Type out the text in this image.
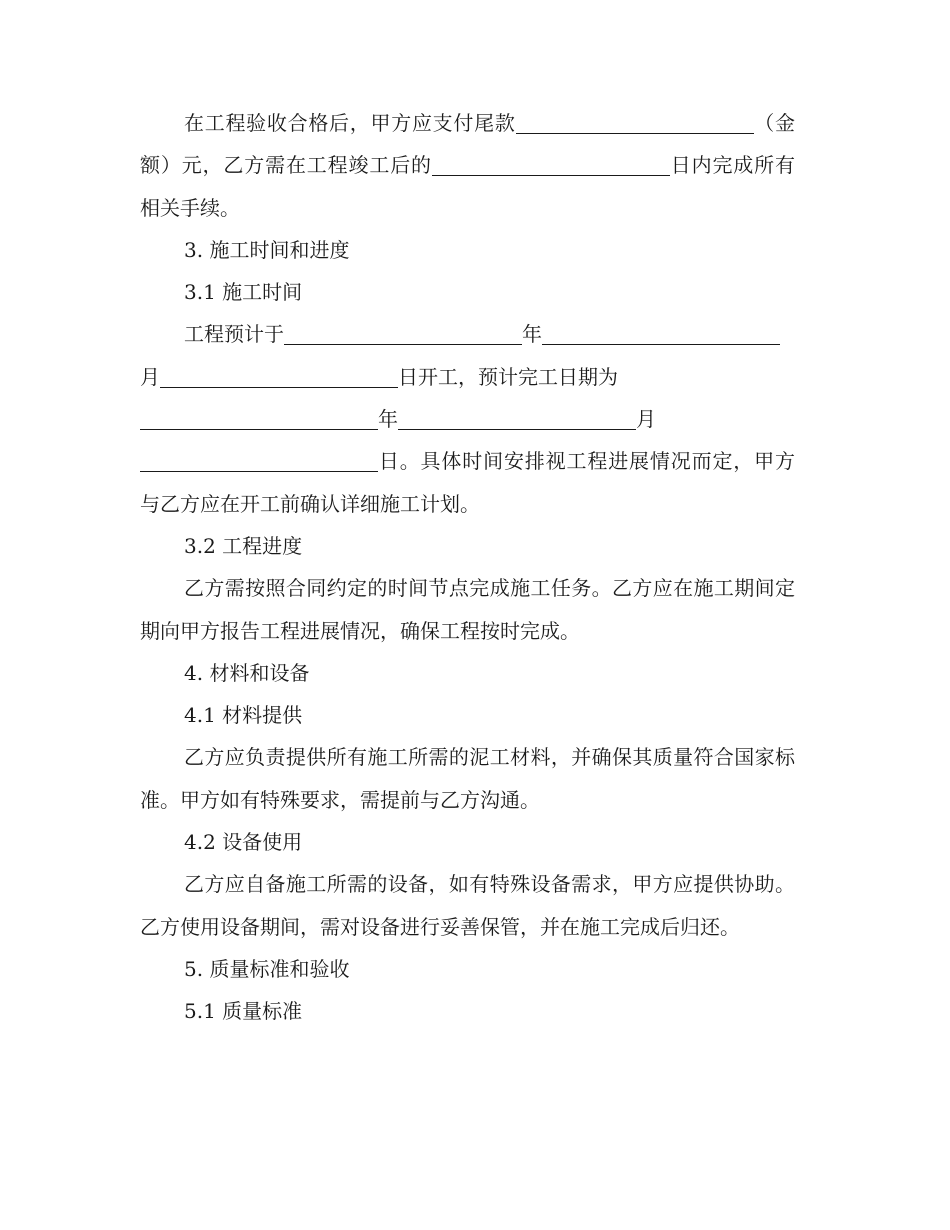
在工程验收合格后，甲方应支付尾款	（金额）元，乙方需在工程竣工后的	日内完成所有相关手续。

3. 施工时间和进度

3.1 施工时间

工程预计于	年

月	日开工，预计完工日期为

年	月

日。具体时间安排视工程进展情况而定，甲方与乙方应在开工前确认详细施工计划。

3.2 工程进度

乙方需按照合同约定的时间节点完成施工任务。乙方应在施工期间定期向甲方报告工程进展情况，确保工程按时完成。

4. 材料和设备

4.1 材料提供

乙方应负责提供所有施工所需的泥工材料，并确保其质量符合国家标准。甲方如有特殊要求，需提前与乙方沟通。

4.2 设备使用

乙方应自备施工所需的设备，如有特殊设备需求，甲方应提供协助。乙方使用设备期间，需对设备进行妥善保管，并在施工完成后归还。

5. 质量标准和验收

5.1 质量标准
